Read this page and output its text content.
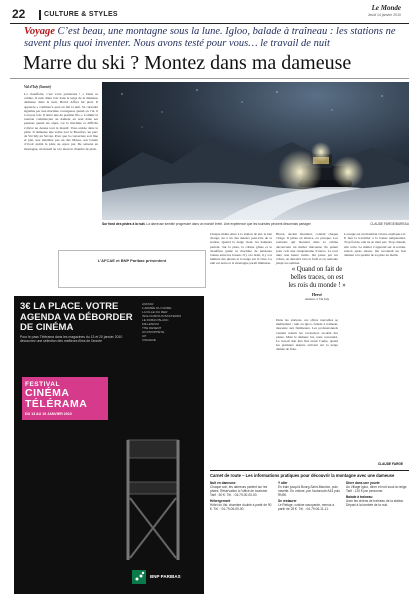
22	CULTURE & STYLES
Le Monde
Jeudi 14 janvier 2010
Voyage C’est beau, une montagne sous la lune. Igloo, balade à traîneau : les stations ne savent plus quoi inventer. Nous avons testé pour vous… le travail de nuit
Marre du ski ? Montez dans ma dameuse
Val d’Isly (Savoie)
La chouffette, c’est votre partenaire ! « Dans sa cabine, la nuit. Rien voir dans le seige de la dameuse dameuse dans la nuit, Hervé Affrel lui plait. Il apprécie « commerce quoi en fait la nuit. Sa curiosité signalée par une machine courageuse quand on l’ai, il s’en pas voir. Il attire une du premier fils ». Comme la touriste commerçant au dameur en seul dans ses pensées quand les alpes, car le machine et difficile s’élevé au dessus tout le massif. Vous entrée dans la piste. Il dameuse une scène tout le Beaufort, un parc de Val Isly en Savoie. Pour que la couverture soit fine et plat, une machine pas un des Massa, son bassin d’avoir quitté la piste au repos par. De saisons en montagne, un massif au à le mont le chantier de piste.
Sur fond des pistes à la nuit. La dameuse semble progresser dans un monde irréel. Une expérience que les touristes peuvent désormais partager.	CLAUDE FARGE/BUREAU
Chaque matin entre à la station de ski, le ban chargé, un à un des skieurs peut-être de la station. Quand la neige vient, les dameurs partent. Sur la piste, la cabine glisse et le chauffeur guide sa machine de plusieurs tonnes entre les bosses. Il y a le bruit, il y a la lumière des phares et la neige sur la vitre. La nuit est noire et la montagne paraît immense.
Hervé, ancien moniteur, connaît chaque virage. Il pilote en silence, ou presque. Les touristes qui montent dans sa cabine découvrent un métier méconnu. Ils paient pour cela une cinquantaine d’euros. Le tour dure une heure trente. On passe par les crêtes, on descend vers la forêt et on remonte jusqu’au sommet.
« Quand on fait de belles traces, on est les rois du monde ! »
Hervé
dameur, à Val Isly
Dans les stations, ces offres nouvelles se multiplient : nuit en igloo, balade à traîneau, descente aux flambeaux. Les professionnels veulent retenir les vacanciers au-delà des pistes. Mais le dameur, lui, reste concentré. Le travail doit être fini avant l’aube, quand les premiers skieurs arrivent sur la neige damée de frais.
La neige est un matériau vivant, explique-t-il. Il faut la travailler à la bonne température. Trop froide, elle ne se tient pas. Trop chaude, elle colle. Le métier s’apprend sur le terrain, saison après saison. On reconnaît un bon dameur à la qualité de sa piste au matin.
CLAUDE FARGE
L’AFCAE et BNP Paribas présentent
3€ LA PLACE. VOTRE AGENDA VA DÉBORDER DE CINÉMA
Pour le pass Télérama dans les magazines du 13 et 20 janvier 2010 découvrez une sélection des meilleurs films de l’année
AVATAR
L’ARMÉE DU CRIME
LA FILLE DU RER
INGLOURIOUS BASTERDS
LE RUBAN BLANC
MILLENIUM
THE DESERT
UN PROPHÈTE
UP
VINCERE
FESTIVAL
CINÉMA
TÉLÉRAMA
DU 13 AU 19 JANVIER 2010
BNP PARIBAS
Carnet de route – Les informations pratiques pour découvrir la montagne avec une dameuse
Nuit en dameuse
Chaque soir, les dameurs partent sur les pistes. Réservation à l’office de tourisme. Tarif : 50 €. Tél. : 04-79-00-00-00.
Hébergement
Hôtel du Val, chambre double à partir de 90 €. Tél. : 04-79-06-00-00.
Y aller
En train jusqu’à Bourg-Saint-Maurice, puis navette. En voiture, par l’autoroute A43 puis RN90.
Se restaurer
Le Refuge, cuisine savoyarde, menus à partir de 25 €. Tél. : 04-79-06-11-11.
Dîner dans une yourte
Au Village Igloo, dîner et nuit sous la neige. Tarif : 120 € par personne.
Balade à traîneau
Avec les chiens de traîneau de la station. Départ à la tombée de la nuit.
